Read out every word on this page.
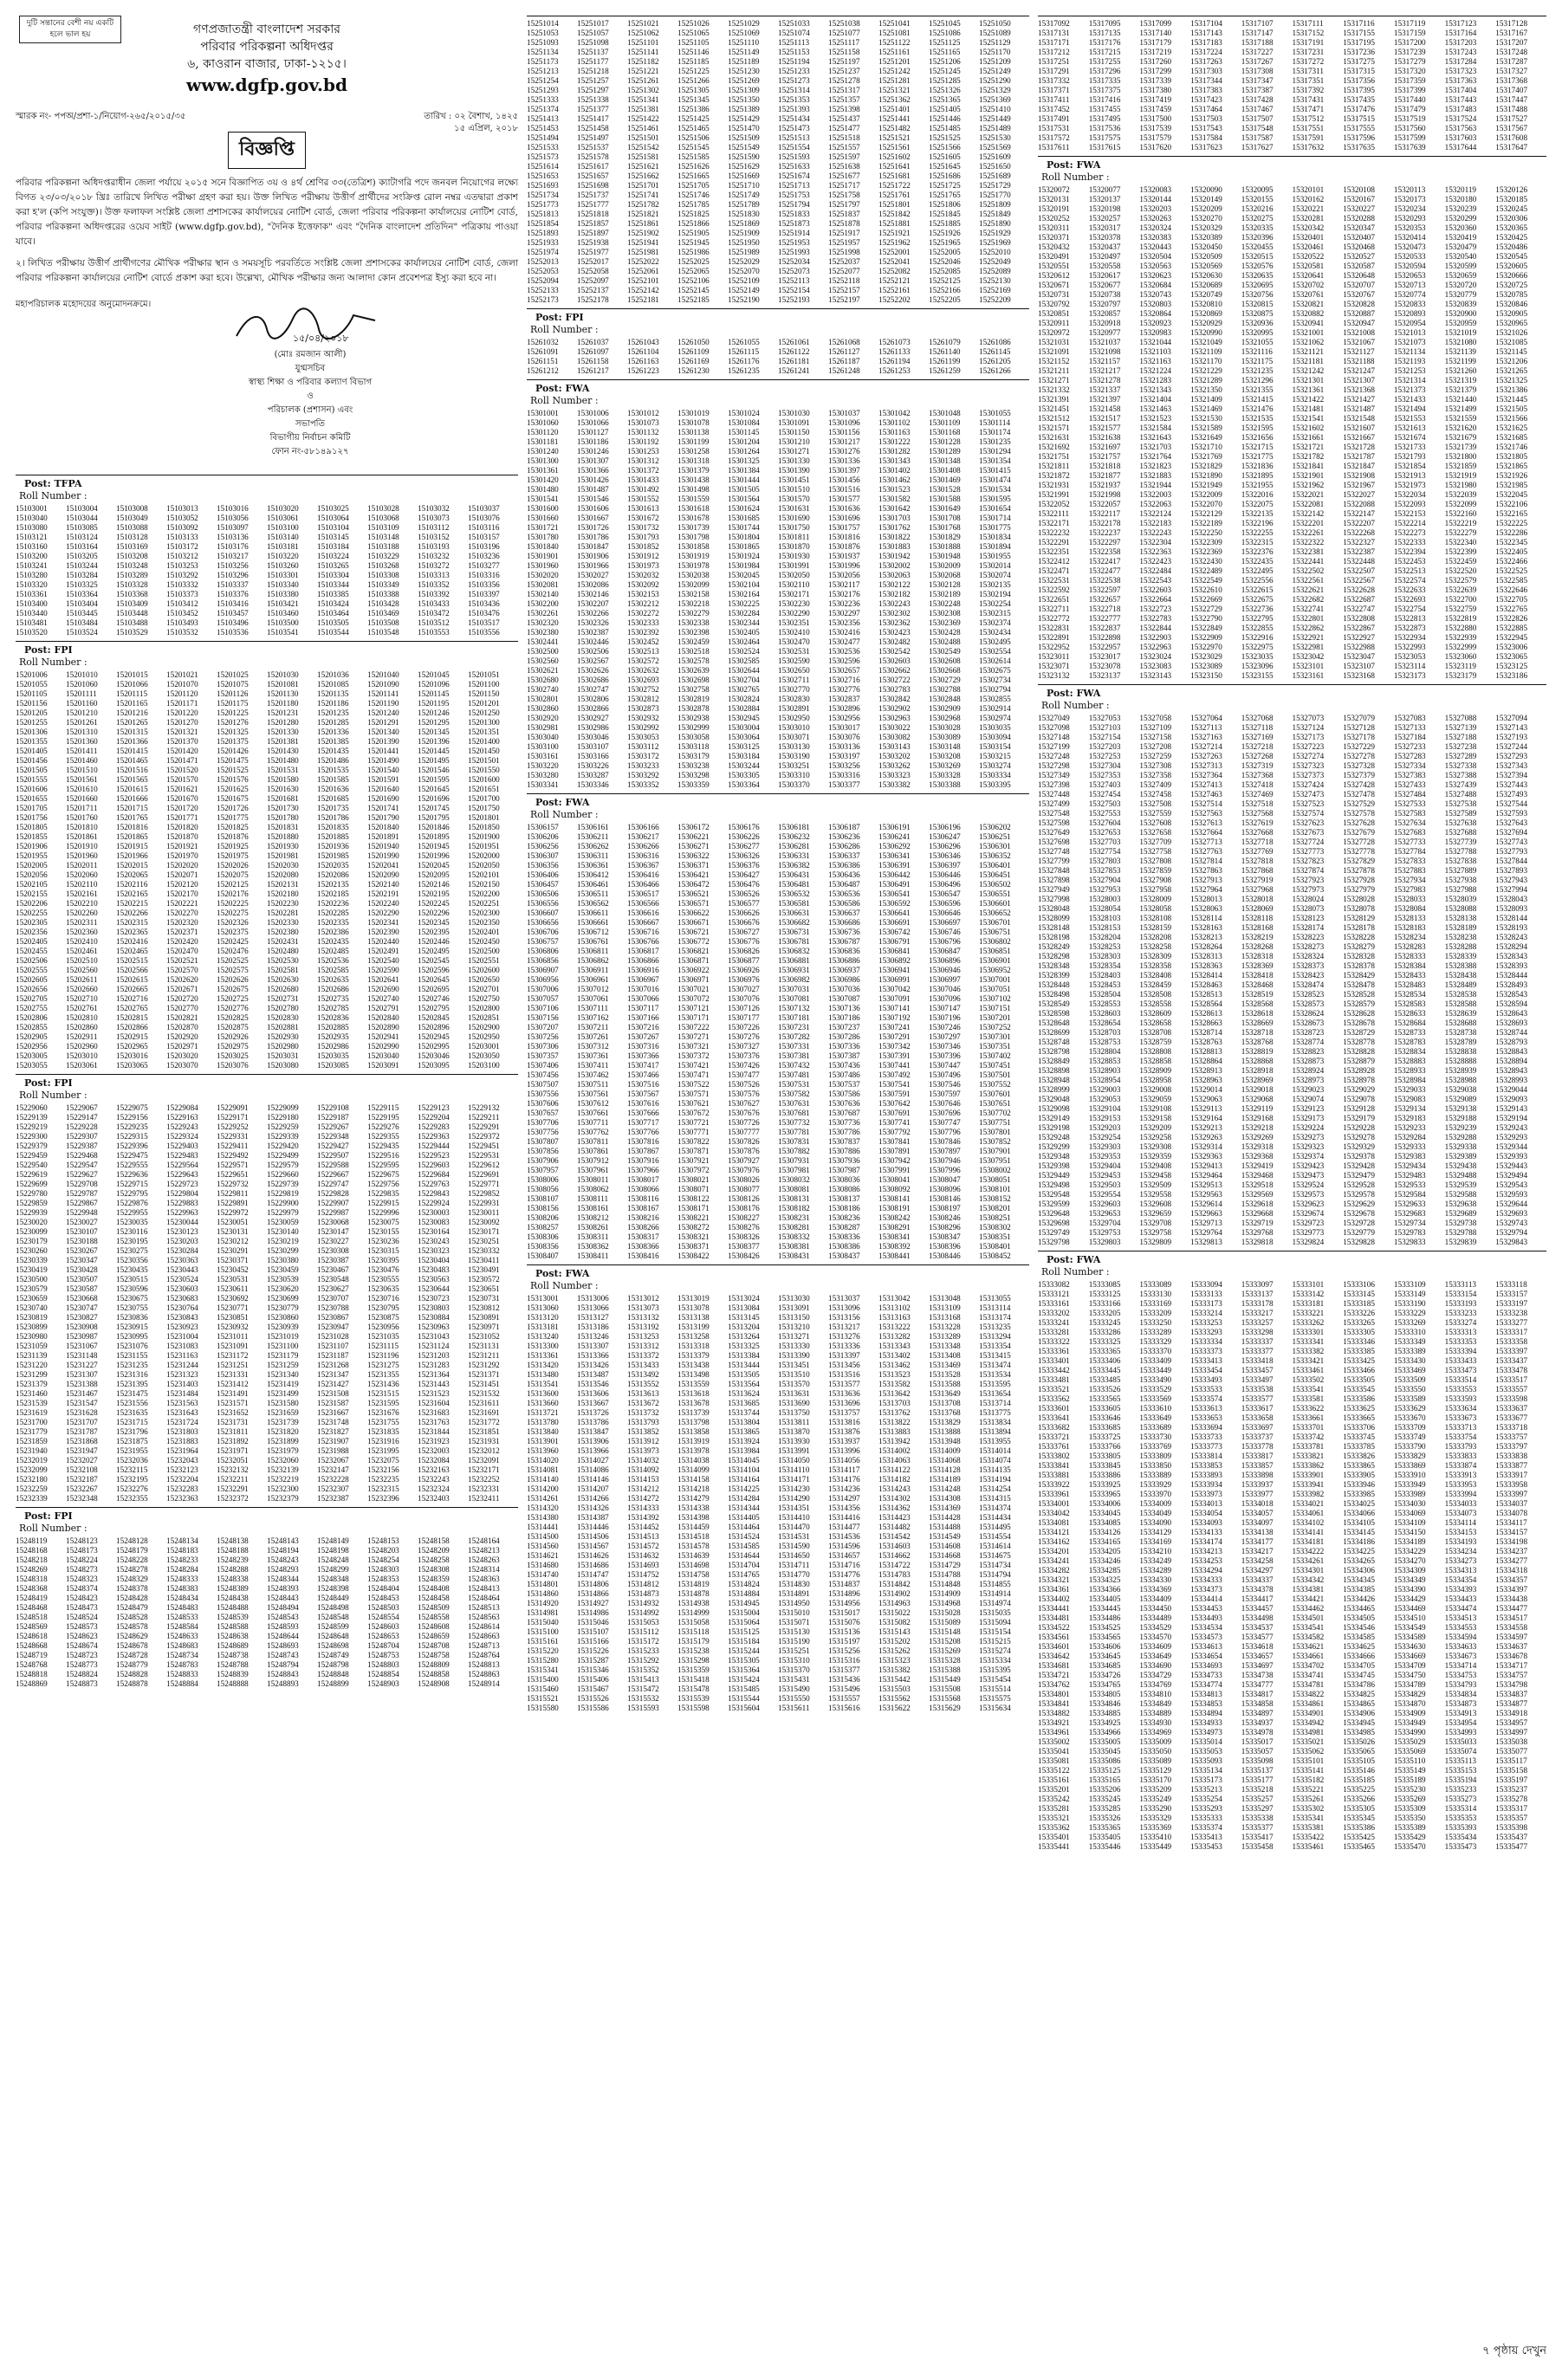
দুটি সন্তানের বেশী নয় একটি হলে ভাল হয়	গণপ্রজাতন্ত্রী বাংলাদেশ সরকার
পরিবার পরিকল্পনা অধিদপ্তর
৬, কাওরান বাজার, ঢাকা-১২১৫।
www.dgfp.gov.bd
স্মারক নং- পপঅ/প্রশা-১/নিয়োগ-২৬৫/২০১৫/৩৫	তারিখ : ০২ বৈশাখ, ১৪২৫
১৫ এপ্রিল, ২০১৮
বিজ্ঞপ্তি

পরিবার পরিকল্পনা অধিদপ্তরাধীন জেলা পর্যায়ে ২০১৫ সনে বিজ্ঞাপিত ৩য় ও ৪র্থ শ্রেণির ৩৩(তেত্রিশ) ক্যাটাগরি পদে জনবল নিয়োগের লক্ষ্যে বিগত ২৩/০৩/২০১৮ খ্রিঃ তারিখে লিখিত পরীক্ষা গ্রহণ করা হয়। উক্ত লিখিত পরীক্ষায় উত্তীর্ণ প্রার্থীদের সংক্রিপ্ত রোল নম্বর এতদ্বারা প্রকাশ করা হ'ল (কপি সংযুক্ত)। উক্ত ফলাফল সংশ্লিষ্ট জেলা প্রশাসকের কার্যালয়ের নোটিশ বোর্ড, জেলা পরিবার পরিকল্পনা কার্যালয়ের নোটিশ বোর্ড, পরিবার পরিকল্পনা অধিদপ্তরের ওয়েব সাইট (www.dgfp.gov.bd), "দৈনিক ইত্তেফাক" এবং "দৈনিক বাংলাদেশ প্রতিদিন" পত্রিকায় পাওয়া যাবে।

২। লিখিত পরীক্ষায় উত্তীর্ণ প্রার্থীগণের মৌখিক পরীক্ষার স্থান ও সময়সূচি পরবর্তিতে সংশ্লিষ্ট জেলা প্রশাসকের কার্যালয়ের নোটিশ বোর্ড, জেলা পরিবার পরিকল্পনা কার্যালয়ের নোটিশ বোর্ডে প্রকাশ করা হবে। উল্লেখ্য, মৌখিক পরীক্ষার জন্য আলাদা কোন প্রবেশপত্র ইস্যু করা হবে না।

মহাপরিচালক মহোদয়ের অনুমোদনক্রমে।
১৫/০৪/২০১৮
(মোঃ রমজান আলী)
যুগ্মসচিব
স্বাস্থ্য শিক্ষা ও পরিবার কল্যাণ বিভাগ
ও
পরিচালক (প্রশাসন) এবং
সভাপতি
বিভাগীয় নির্বাচন কমিটি
ফোন নং-৫৮১৪৯১২৭
Post: TFPA
Roll Number :
15103001	15103004	15103008	15103013	15103016	15103020	15103025	15103028	15103032	15103037
15103040	15103044	15103049	15103052	15103056	15103061	15103064	15103068	15103073	15103076
15103080	15103085	15103088	15103092	15103097	15103100	15103104	15103109	15103112	15103116
15103121	15103124	15103128	15103133	15103136	15103140	15103145	15103148	15103152	15103157
15103160	15103164	15103169	15103172	15103176	15103181	15103184	15103188	15103193	15103196
15103200	15103205	15103208	15103212	15103217	15103220	15103224	15103229	15103232	15103236
15103241	15103244	15103248	15103253	15103256	15103260	15103265	15103268	15103272	15103277
15103280	15103284	15103289	15103292	15103296	15103301	15103304	15103308	15103313	15103316
15103320	15103325	15103328	15103332	15103337	15103340	15103344	15103349	15103352	15103356
15103361	15103364	15103368	15103373	15103376	15103380	15103385	15103388	15103392	15103397
15103400	15103404	15103409	15103412	15103416	15103421	15103424	15103428	15103433	15103436
15103440	15103445	15103448	15103452	15103457	15103460	15103464	15103469	15103472	15103476
15103481	15103484	15103488	15103493	15103496	15103500	15103505	15103508	15103512	15103517
15103520	15103524	15103529	15103532	15103536	15103541	15103544	15103548	15103553	15103556
Post: FPI
Roll Number :
15201006	15201010	15201015	15201021	15201025	15201030	15201036	15201040	15201045	15201051
15201055	15201060	15201066	15201070	15201075	15201081	15201085	15201090	15201096	15201100
15201105	15201111	15201115	15201120	15201126	15201130	15201135	15201141	15201145	15201150
15201156	15201160	15201165	15201171	15201175	15201180	15201186	15201190	15201195	15201201
15201205	15201210	15201216	15201220	15201225	15201231	15201235	15201240	15201246	15201250
15201255	15201261	15201265	15201270	15201276	15201280	15201285	15201291	15201295	15201300
15201306	15201310	15201315	15201321	15201325	15201330	15201336	15201340	15201345	15201351
15201355	15201360	15201366	15201370	15201375	15201381	15201385	15201390	15201396	15201400
15201405	15201411	15201415	15201420	15201426	15201430	15201435	15201441	15201445	15201450
15201456	15201460	15201465	15201471	15201475	15201480	15201486	15201490	15201495	15201501
15201505	15201510	15201516	15201520	15201525	15201531	15201535	15201540	15201546	15201550
15201555	15201561	15201565	15201570	15201576	15201580	15201585	15201591	15201595	15201600
15201606	15201610	15201615	15201621	15201625	15201630	15201636	15201640	15201645	15201651
15201655	15201660	15201666	15201670	15201675	15201681	15201685	15201690	15201696	15201700
15201705	15201711	15201715	15201720	15201726	15201730	15201735	15201741	15201745	15201750
15201756	15201760	15201765	15201771	15201775	15201780	15201786	15201790	15201795	15201801
15201805	15201810	15201816	15201820	15201825	15201831	15201835	15201840	15201846	15201850
15201855	15201861	15201865	15201870	15201876	15201880	15201885	15201891	15201895	15201900
15201906	15201910	15201915	15201921	15201925	15201930	15201936	15201940	15201945	15201951
15201955	15201960	15201966	15201970	15201975	15201981	15201985	15201990	15201996	15202000
15202005	15202011	15202015	15202020	15202026	15202030	15202035	15202041	15202045	15202050
15202056	15202060	15202065	15202071	15202075	15202080	15202086	15202090	15202095	15202101
15202105	15202110	15202116	15202120	15202125	15202131	15202135	15202140	15202146	15202150
15202155	15202161	15202165	15202170	15202176	15202180	15202185	15202191	15202195	15202200
15202206	15202210	15202215	15202221	15202225	15202230	15202236	15202240	15202245	15202251
15202255	15202260	15202266	15202270	15202275	15202281	15202285	15202290	15202296	15202300
15202305	15202311	15202315	15202320	15202326	15202330	15202335	15202341	15202345	15202350
15202356	15202360	15202365	15202371	15202375	15202380	15202386	15202390	15202395	15202401
15202405	15202410	15202416	15202420	15202425	15202431	15202435	15202440	15202446	15202450
15202455	15202461	15202465	15202470	15202476	15202480	15202485	15202491	15202495	15202500
15202506	15202510	15202515	15202521	15202525	15202530	15202536	15202540	15202545	15202551
15202555	15202560	15202566	15202570	15202575	15202581	15202585	15202590	15202596	15202600
15202605	15202611	15202615	15202620	15202626	15202630	15202635	15202641	15202645	15202650
15202656	15202660	15202665	15202671	15202675	15202680	15202686	15202690	15202695	15202701
15202705	15202710	15202716	15202720	15202725	15202731	15202735	15202740	15202746	15202750
15202755	15202761	15202765	15202770	15202776	15202780	15202785	15202791	15202795	15202800
15202806	15202810	15202815	15202821	15202825	15202830	15202836	15202840	15202845	15202851
15202855	15202860	15202866	15202870	15202875	15202881	15202885	15202890	15202896	15202900
15202905	15202911	15202915	15202920	15202926	15202930	15202935	15202941	15202945	15202950
15202956	15202960	15202965	15202971	15202975	15202980	15202986	15202990	15202995	15203001
15203005	15203010	15203016	15203020	15203025	15203031	15203035	15203040	15203046	15203050
15203055	15203061	15203065	15203070	15203076	15203080	15203085	15203091	15203095	15203100
Post: FPI
Roll Number :
15229060	15229067	15229075	15229084	15229091	15229099	15229108	15229115	15229123	15229132
15229139	15229147	15229156	15229163	15229171	15229180	15229187	15229195	15229204	15229211
15229219	15229228	15229235	15229243	15229252	15229259	15229267	15229276	15229283	15229291
15229300	15229307	15229315	15229324	15229331	15229339	15229348	15229355	15229363	15229372
15229379	15229387	15229396	15229403	15229411	15229420	15229427	15229435	15229444	15229451
15229459	15229468	15229475	15229483	15229492	15229499	15229507	15229516	15229523	15229531
15229540	15229547	15229555	15229564	15229571	15229579	15229588	15229595	15229603	15229612
15229619	15229627	15229636	15229643	15229651	15229660	15229667	15229675	15229684	15229691
15229699	15229708	15229715	15229723	15229732	15229739	15229747	15229756	15229763	15229771
15229780	15229787	15229795	15229804	15229811	15229819	15229828	15229835	15229843	15229852
15229859	15229867	15229876	15229883	15229891	15229900	15229907	15229915	15229924	15229931
15229939	15229948	15229955	15229963	15229972	15229979	15229987	15229996	15230003	15230011
15230020	15230027	15230035	15230044	15230051	15230059	15230068	15230075	15230083	15230092
15230099	15230107	15230116	15230123	15230131	15230140	15230147	15230155	15230164	15230171
15230179	15230188	15230195	15230203	15230212	15230219	15230227	15230236	15230243	15230251
15230260	15230267	15230275	15230284	15230291	15230299	15230308	15230315	15230323	15230332
15230339	15230347	15230356	15230363	15230371	15230380	15230387	15230395	15230404	15230411
15230419	15230428	15230435	15230443	15230452	15230459	15230467	15230476	15230483	15230491
15230500	15230507	15230515	15230524	15230531	15230539	15230548	15230555	15230563	15230572
15230579	15230587	15230596	15230603	15230611	15230620	15230627	15230635	15230644	15230651
15230659	15230668	15230675	15230683	15230692	15230699	15230707	15230716	15230723	15230731
15230740	15230747	15230755	15230764	15230771	15230779	15230788	15230795	15230803	15230812
15230819	15230827	15230836	15230843	15230851	15230860	15230867	15230875	15230884	15230891
15230899	15230908	15230915	15230923	15230932	15230939	15230947	15230956	15230963	15230971
15230980	15230987	15230995	15231004	15231011	15231019	15231028	15231035	15231043	15231052
15231059	15231067	15231076	15231083	15231091	15231100	15231107	15231115	15231124	15231131
15231139	15231148	15231155	15231163	15231172	15231179	15231187	15231196	15231203	15231211
15231220	15231227	15231235	15231244	15231251	15231259	15231268	15231275	15231283	15231292
15231299	15231307	15231316	15231323	15231331	15231340	15231347	15231355	15231364	15231371
15231379	15231388	15231395	15231403	15231412	15231419	15231427	15231436	15231443	15231451
15231460	15231467	15231475	15231484	15231491	15231499	15231508	15231515	15231523	15231532
15231539	15231547	15231556	15231563	15231571	15231580	15231587	15231595	15231604	15231611
15231619	15231628	15231635	15231643	15231652	15231659	15231667	15231676	15231683	15231691
15231700	15231707	15231715	15231724	15231731	15231739	15231748	15231755	15231763	15231772
15231779	15231787	15231796	15231803	15231811	15231820	15231827	15231835	15231844	15231851
15231859	15231868	15231875	15231883	15231892	15231899	15231907	15231916	15231923	15231931
15231940	15231947	15231955	15231964	15231971	15231979	15231988	15231995	15232003	15232012
15232019	15232027	15232036	15232043	15232051	15232060	15232067	15232075	15232084	15232091
15232099	15232108	15232115	15232123	15232132	15232139	15232147	15232156	15232163	15232171
15232180	15232187	15232195	15232204	15232211	15232219	15232228	15232235	15232243	15232252
15232259	15232267	15232276	15232283	15232291	15232300	15232307	15232315	15232324	15232331
15232339	15232348	15232355	15232363	15232372	15232379	15232387	15232396	15232403	15232411
Post: FPI
Roll Number :
15248119	15248123	15248128	15248134	15248138	15248143	15248149	15248153	15248158	15248164
15248168	15248173	15248179	15248183	15248188	15248194	15248198	15248203	15248209	15248213
15248218	15248224	15248228	15248233	15248239	15248243	15248248	15248254	15248258	15248263
15248269	15248273	15248278	15248284	15248288	15248293	15248299	15248303	15248308	15248314
15248318	15248323	15248329	15248333	15248338	15248344	15248348	15248353	15248359	15248363
15248368	15248374	15248378	15248383	15248389	15248393	15248398	15248404	15248408	15248413
15248419	15248423	15248428	15248434	15248438	15248443	15248449	15248453	15248458	15248464
15248468	15248473	15248479	15248483	15248488	15248494	15248498	15248503	15248509	15248513
15248518	15248524	15248528	15248533	15248539	15248543	15248548	15248554	15248558	15248563
15248569	15248573	15248578	15248584	15248588	15248593	15248599	15248603	15248608	15248614
15248618	15248623	15248629	15248633	15248638	15248644	15248648	15248653	15248659	15248663
15248668	15248674	15248678	15248683	15248689	15248693	15248698	15248704	15248708	15248713
15248719	15248723	15248728	15248734	15248738	15248743	15248749	15248753	15248758	15248764
15248768	15248773	15248779	15248783	15248788	15248794	15248798	15248803	15248809	15248813
15248818	15248824	15248828	15248833	15248839	15248843	15248848	15248854	15248858	15248863
15248869	15248873	15248878	15248884	15248888	15248893	15248899	15248903	15248908	15248914
15251014	15251017	15251021	15251026	15251029	15251033	15251038	15251041	15251045	15251050
15251053	15251057	15251062	15251065	15251069	15251074	15251077	15251081	15251086	15251089
15251093	15251098	15251101	15251105	15251110	15251113	15251117	15251122	15251125	15251129
15251134	15251137	15251141	15251146	15251149	15251153	15251158	15251161	15251165	15251170
15251173	15251177	15251182	15251185	15251189	15251194	15251197	15251201	15251206	15251209
15251213	15251218	15251221	15251225	15251230	15251233	15251237	15251242	15251245	15251249
15251254	15251257	15251261	15251266	15251269	15251273	15251278	15251281	15251285	15251290
15251293	15251297	15251302	15251305	15251309	15251314	15251317	15251321	15251326	15251329
15251333	15251338	15251341	15251345	15251350	15251353	15251357	15251362	15251365	15251369
15251374	15251377	15251381	15251386	15251389	15251393	15251398	15251401	15251405	15251410
15251413	15251417	15251422	15251425	15251429	15251434	15251437	15251441	15251446	15251449
15251453	15251458	15251461	15251465	15251470	15251473	15251477	15251482	15251485	15251489
15251494	15251497	15251501	15251506	15251509	15251513	15251518	15251521	15251525	15251530
15251533	15251537	15251542	15251545	15251549	15251554	15251557	15251561	15251566	15251569
15251573	15251578	15251581	15251585	15251590	15251593	15251597	15251602	15251605	15251609
15251614	15251617	15251621	15251626	15251629	15251633	15251638	15251641	15251645	15251650
15251653	15251657	15251662	15251665	15251669	15251674	15251677	15251681	15251686	15251689
15251693	15251698	15251701	15251705	15251710	15251713	15251717	15251722	15251725	15251729
15251734	15251737	15251741	15251746	15251749	15251753	15251758	15251761	15251765	15251770
15251773	15251777	15251782	15251785	15251789	15251794	15251797	15251801	15251806	15251809
15251813	15251818	15251821	15251825	15251830	15251833	15251837	15251842	15251845	15251849
15251854	15251857	15251861	15251866	15251869	15251873	15251878	15251881	15251885	15251890
15251893	15251897	15251902	15251905	15251909	15251914	15251917	15251921	15251926	15251929
15251933	15251938	15251941	15251945	15251950	15251953	15251957	15251962	15251965	15251969
15251974	15251977	15251981	15251986	15251989	15251993	15251998	15252001	15252005	15252010
15252013	15252017	15252022	15252025	15252029	15252034	15252037	15252041	15252046	15252049
15252053	15252058	15252061	15252065	15252070	15252073	15252077	15252082	15252085	15252089
15252094	15252097	15252101	15252106	15252109	15252113	15252118	15252121	15252125	15252130
15252133	15252137	15252142	15252145	15252149	15252154	15252157	15252161	15252166	15252169
15252173	15252178	15252181	15252185	15252190	15252193	15252197	15252202	15252205	15252209
Post: FPI
Roll Number :
15261032	15261037	15261043	15261050	15261055	15261061	15261068	15261073	15261079	15261086
15261091	15261097	15261104	15261109	15261115	15261122	15261127	15261133	15261140	15261145
15261151	15261158	15261163	15261169	15261176	15261181	15261187	15261194	15261199	15261205
15261212	15261217	15261223	15261230	15261235	15261241	15261248	15261253	15261259	15261266
Post: FWA
Roll Number :
15301001	15301006	15301012	15301019	15301024	15301030	15301037	15301042	15301048	15301055
15301060	15301066	15301073	15301078	15301084	15301091	15301096	15301102	15301109	15301114
15301120	15301127	15301132	15301138	15301145	15301150	15301156	15301163	15301168	15301174
15301181	15301186	15301192	15301199	15301204	15301210	15301217	15301222	15301228	15301235
15301240	15301246	15301253	15301258	15301264	15301271	15301276	15301282	15301289	15301294
15301300	15301307	15301312	15301318	15301325	15301330	15301336	15301343	15301348	15301354
15301361	15301366	15301372	15301379	15301384	15301390	15301397	15301402	15301408	15301415
15301420	15301426	15301433	15301438	15301444	15301451	15301456	15301462	15301469	15301474
15301480	15301487	15301492	15301498	15301505	15301510	15301516	15301523	15301528	15301534
15301541	15301546	15301552	15301559	15301564	15301570	15301577	15301582	15301588	15301595
15301600	15301606	15301613	15301618	15301624	15301631	15301636	15301642	15301649	15301654
15301660	15301667	15301672	15301678	15301685	15301690	15301696	15301703	15301708	15301714
15301721	15301726	15301732	15301739	15301744	15301750	15301757	15301762	15301768	15301775
15301780	15301786	15301793	15301798	15301804	15301811	15301816	15301822	15301829	15301834
15301840	15301847	15301852	15301858	15301865	15301870	15301876	15301883	15301888	15301894
15301901	15301906	15301912	15301919	15301924	15301930	15301937	15301942	15301948	15301955
15301960	15301966	15301973	15301978	15301984	15301991	15301996	15302002	15302009	15302014
15302020	15302027	15302032	15302038	15302045	15302050	15302056	15302063	15302068	15302074
15302081	15302086	15302092	15302099	15302104	15302110	15302117	15302122	15302128	15302135
15302140	15302146	15302153	15302158	15302164	15302171	15302176	15302182	15302189	15302194
15302200	15302207	15302212	15302218	15302225	15302230	15302236	15302243	15302248	15302254
15302261	15302266	15302272	15302279	15302284	15302290	15302297	15302302	15302308	15302315
15302320	15302326	15302333	15302338	15302344	15302351	15302356	15302362	15302369	15302374
15302380	15302387	15302392	15302398	15302405	15302410	15302416	15302423	15302428	15302434
15302441	15302446	15302452	15302459	15302464	15302470	15302477	15302482	15302488	15302495
15302500	15302506	15302513	15302518	15302524	15302531	15302536	15302542	15302549	15302554
15302560	15302567	15302572	15302578	15302585	15302590	15302596	15302603	15302608	15302614
15302621	15302626	15302632	15302639	15302644	15302650	15302657	15302662	15302668	15302675
15302680	15302686	15302693	15302698	15302704	15302711	15302716	15302722	15302729	15302734
15302740	15302747	15302752	15302758	15302765	15302770	15302776	15302783	15302788	15302794
15302801	15302806	15302812	15302819	15302824	15302830	15302837	15302842	15302848	15302855
15302860	15302866	15302873	15302878	15302884	15302891	15302896	15302902	15302909	15302914
15302920	15302927	15302932	15302938	15302945	15302950	15302956	15302963	15302968	15302974
15302981	15302986	15302992	15302999	15303004	15303010	15303017	15303022	15303028	15303035
15303040	15303046	15303053	15303058	15303064	15303071	15303076	15303082	15303089	15303094
15303100	15303107	15303112	15303118	15303125	15303130	15303136	15303143	15303148	15303154
15303161	15303166	15303172	15303179	15303184	15303190	15303197	15303202	15303208	15303215
15303220	15303226	15303233	15303238	15303244	15303251	15303256	15303262	15303269	15303274
15303280	15303287	15303292	15303298	15303305	15303310	15303316	15303323	15303328	15303334
15303341	15303346	15303352	15303359	15303364	15303370	15303377	15303382	15303388	15303395
Post: FWA
Roll Number :
15306157	15306161	15306166	15306172	15306176	15306181	15306187	15306191	15306196	15306202
15306206	15306211	15306217	15306221	15306226	15306232	15306236	15306241	15306247	15306251
15306256	15306262	15306266	15306271	15306277	15306281	15306286	15306292	15306296	15306301
15306307	15306311	15306316	15306322	15306326	15306331	15306337	15306341	15306346	15306352
15306356	15306361	15306367	15306371	15306376	15306382	15306386	15306391	15306397	15306401
15306406	15306412	15306416	15306421	15306427	15306431	15306436	15306442	15306446	15306451
15306457	15306461	15306466	15306472	15306476	15306481	15306487	15306491	15306496	15306502
15306506	15306511	15306517	15306521	15306526	15306532	15306536	15306541	15306547	15306551
15306556	15306562	15306566	15306571	15306577	15306581	15306586	15306592	15306596	15306601
15306607	15306611	15306616	15306622	15306626	15306631	15306637	15306641	15306646	15306652
15306656	15306661	15306667	15306671	15306676	15306682	15306686	15306691	15306697	15306701
15306706	15306712	15306716	15306721	15306727	15306731	15306736	15306742	15306746	15306751
15306757	15306761	15306766	15306772	15306776	15306781	15306787	15306791	15306796	15306802
15306806	15306811	15306817	15306821	15306826	15306832	15306836	15306841	15306847	15306851
15306856	15306862	15306866	15306871	15306877	15306881	15306886	15306892	15306896	15306901
15306907	15306911	15306916	15306922	15306926	15306931	15306937	15306941	15306946	15306952
15306956	15306961	15306967	15306971	15306976	15306982	15306986	15306991	15306997	15307001
15307006	15307012	15307016	15307021	15307027	15307031	15307036	15307042	15307046	15307051
15307057	15307061	15307066	15307072	15307076	15307081	15307087	15307091	15307096	15307102
15307106	15307111	15307117	15307121	15307126	15307132	15307136	15307141	15307147	15307151
15307156	15307162	15307166	15307171	15307177	15307181	15307186	15307192	15307196	15307201
15307207	15307211	15307216	15307222	15307226	15307231	15307237	15307241	15307246	15307252
15307256	15307261	15307267	15307271	15307276	15307282	15307286	15307291	15307297	15307301
15307306	15307312	15307316	15307321	15307327	15307331	15307336	15307342	15307346	15307351
15307357	15307361	15307366	15307372	15307376	15307381	15307387	15307391	15307396	15307402
15307406	15307411	15307417	15307421	15307426	15307432	15307436	15307441	15307447	15307451
15307456	15307462	15307466	15307471	15307477	15307481	15307486	15307492	15307496	15307501
15307507	15307511	15307516	15307522	15307526	15307531	15307537	15307541	15307546	15307552
15307556	15307561	15307567	15307571	15307576	15307582	15307586	15307591	15307597	15307601
15307606	15307612	15307616	15307621	15307627	15307631	15307636	15307642	15307646	15307651
15307657	15307661	15307666	15307672	15307676	15307681	15307687	15307691	15307696	15307702
15307706	15307711	15307717	15307721	15307726	15307732	15307736	15307741	15307747	15307751
15307756	15307762	15307766	15307771	15307777	15307781	15307786	15307792	15307796	15307801
15307807	15307811	15307816	15307822	15307826	15307831	15307837	15307841	15307846	15307852
15307856	15307861	15307867	15307871	15307876	15307882	15307886	15307891	15307897	15307901
15307906	15307912	15307916	15307921	15307927	15307931	15307936	15307942	15307946	15307951
15307957	15307961	15307966	15307972	15307976	15307981	15307987	15307991	15307996	15308002
15308006	15308011	15308017	15308021	15308026	15308032	15308036	15308041	15308047	15308051
15308056	15308062	15308066	15308071	15308077	15308081	15308086	15308092	15308096	15308101
15308107	15308111	15308116	15308122	15308126	15308131	15308137	15308141	15308146	15308152
15308156	15308161	15308167	15308171	15308176	15308182	15308186	15308191	15308197	15308201
15308206	15308212	15308216	15308221	15308227	15308231	15308236	15308242	15308246	15308251
15308257	15308261	15308266	15308272	15308276	15308281	15308287	15308291	15308296	15308302
15308306	15308311	15308317	15308321	15308326	15308332	15308336	15308341	15308347	15308351
15308356	15308362	15308366	15308371	15308377	15308381	15308386	15308392	15308396	15308401
15308407	15308411	15308416	15308422	15308426	15308431	15308437	15308441	15308446	15308452
Post: FWA
Roll Number :
15313001	15313006	15313012	15313019	15313024	15313030	15313037	15313042	15313048	15313055
15313060	15313066	15313073	15313078	15313084	15313091	15313096	15313102	15313109	15313114
15313120	15313127	15313132	15313138	15313145	15313150	15313156	15313163	15313168	15313174
15313181	15313186	15313192	15313199	15313204	15313210	15313217	15313222	15313228	15313235
15313240	15313246	15313253	15313258	15313264	15313271	15313276	15313282	15313289	15313294
15313300	15313307	15313312	15313318	15313325	15313330	15313336	15313343	15313348	15313354
15313361	15313366	15313372	15313379	15313384	15313390	15313397	15313402	15313408	15313415
15313420	15313426	15313433	15313438	15313444	15313451	15313456	15313462	15313469	15313474
15313480	15313487	15313492	15313498	15313505	15313510	15313516	15313523	15313528	15313534
15313541	15313546	15313552	15313559	15313564	15313570	15313577	15313582	15313588	15313595
15313600	15313606	15313613	15313618	15313624	15313631	15313636	15313642	15313649	15313654
15313660	15313667	15313672	15313678	15313685	15313690	15313696	15313703	15313708	15313714
15313721	15313726	15313732	15313739	15313744	15313750	15313757	15313762	15313768	15313775
15313780	15313786	15313793	15313798	15313804	15313811	15313816	15313822	15313829	15313834
15313840	15313847	15313852	15313858	15313865	15313870	15313876	15313883	15313888	15313894
15313901	15313906	15313912	15313919	15313924	15313930	15313937	15313942	15313948	15313955
15313960	15313966	15313973	15313978	15313984	15313991	15313996	15314002	15314009	15314014
15314020	15314027	15314032	15314038	15314045	15314050	15314056	15314063	15314068	15314074
15314081	15314086	15314092	15314099	15314104	15314110	15314117	15314122	15314128	15314135
15314140	15314146	15314153	15314158	15314164	15314171	15314176	15314182	15314189	15314194
15314200	15314207	15314212	15314218	15314225	15314230	15314236	15314243	15314248	15314254
15314261	15314266	15314272	15314279	15314284	15314290	15314297	15314302	15314308	15314315
15314320	15314326	15314333	15314338	15314344	15314351	15314356	15314362	15314369	15314374
15314380	15314387	15314392	15314398	15314405	15314410	15314416	15314423	15314428	15314434
15314441	15314446	15314452	15314459	15314464	15314470	15314477	15314482	15314488	15314495
15314500	15314506	15314513	15314518	15314524	15314531	15314536	15314542	15314549	15314554
15314560	15314567	15314572	15314578	15314585	15314590	15314596	15314603	15314608	15314614
15314621	15314626	15314632	15314639	15314644	15314650	15314657	15314662	15314668	15314675
15314680	15314686	15314693	15314698	15314704	15314711	15314716	15314722	15314729	15314734
15314740	15314747	15314752	15314758	15314765	15314770	15314776	15314783	15314788	15314794
15314801	15314806	15314812	15314819	15314824	15314830	15314837	15314842	15314848	15314855
15314860	15314866	15314873	15314878	15314884	15314891	15314896	15314902	15314909	15314914
15314920	15314927	15314932	15314938	15314945	15314950	15314956	15314963	15314968	15314974
15314981	15314986	15314992	15314999	15315004	15315010	15315017	15315022	15315028	15315035
15315040	15315046	15315053	15315058	15315064	15315071	15315076	15315082	15315089	15315094
15315100	15315107	15315112	15315118	15315125	15315130	15315136	15315143	15315148	15315154
15315161	15315166	15315172	15315179	15315184	15315190	15315197	15315202	15315208	15315215
15315220	15315226	15315233	15315238	15315244	15315251	15315256	15315262	15315269	15315274
15315280	15315287	15315292	15315298	15315305	15315310	15315316	15315323	15315328	15315334
15315341	15315346	15315352	15315359	15315364	15315370	15315377	15315382	15315388	15315395
15315400	15315406	15315413	15315418	15315424	15315431	15315436	15315442	15315449	15315454
15315460	15315467	15315472	15315478	15315485	15315490	15315496	15315503	15315508	15315514
15315521	15315526	15315532	15315539	15315544	15315550	15315557	15315562	15315568	15315575
15315580	15315586	15315593	15315598	15315604	15315611	15315616	15315622	15315629	15315634
15317092	15317095	15317099	15317104	15317107	15317111	15317116	15317119	15317123	15317128
15317131	15317135	15317140	15317143	15317147	15317152	15317155	15317159	15317164	15317167
15317171	15317176	15317179	15317183	15317188	15317191	15317195	15317200	15317203	15317207
15317212	15317215	15317219	15317224	15317227	15317231	15317236	15317239	15317243	15317248
15317251	15317255	15317260	15317263	15317267	15317272	15317275	15317279	15317284	15317287
15317291	15317296	15317299	15317303	15317308	15317311	15317315	15317320	15317323	15317327
15317332	15317335	15317339	15317344	15317347	15317351	15317356	15317359	15317363	15317368
15317371	15317375	15317380	15317383	15317387	15317392	15317395	15317399	15317404	15317407
15317411	15317416	15317419	15317423	15317428	15317431	15317435	15317440	15317443	15317447
15317452	15317455	15317459	15317464	15317467	15317471	15317476	15317479	15317483	15317488
15317491	15317495	15317500	15317503	15317507	15317512	15317515	15317519	15317524	15317527
15317531	15317536	15317539	15317543	15317548	15317551	15317555	15317560	15317563	15317567
15317572	15317575	15317579	15317584	15317587	15317591	15317596	15317599	15317603	15317608
15317611	15317615	15317620	15317623	15317627	15317632	15317635	15317639	15317644	15317647
Post: FWA
Roll Number :
15320072	15320077	15320083	15320090	15320095	15320101	15320108	15320113	15320119	15320126
15320131	15320137	15320144	15320149	15320155	15320162	15320167	15320173	15320180	15320185
15320191	15320198	15320203	15320209	15320216	15320221	15320227	15320234	15320239	15320245
15320252	15320257	15320263	15320270	15320275	15320281	15320288	15320293	15320299	15320306
15320311	15320317	15320324	15320329	15320335	15320342	15320347	15320353	15320360	15320365
15320371	15320378	15320383	15320389	15320396	15320401	15320407	15320414	15320419	15320425
15320432	15320437	15320443	15320450	15320455	15320461	15320468	15320473	15320479	15320486
15320491	15320497	15320504	15320509	15320515	15320522	15320527	15320533	15320540	15320545
15320551	15320558	15320563	15320569	15320576	15320581	15320587	15320594	15320599	15320605
15320612	15320617	15320623	15320630	15320635	15320641	15320648	15320653	15320659	15320666
15320671	15320677	15320684	15320689	15320695	15320702	15320707	15320713	15320720	15320725
15320731	15320738	15320743	15320749	15320756	15320761	15320767	15320774	15320779	15320785
15320792	15320797	15320803	15320810	15320815	15320821	15320828	15320833	15320839	15320846
15320851	15320857	15320864	15320869	15320875	15320882	15320887	15320893	15320900	15320905
15320911	15320918	15320923	15320929	15320936	15320941	15320947	15320954	15320959	15320965
15320972	15320977	15320983	15320990	15320995	15321001	15321008	15321013	15321019	15321026
15321031	15321037	15321044	15321049	15321055	15321062	15321067	15321073	15321080	15321085
15321091	15321098	15321103	15321109	15321116	15321121	15321127	15321134	15321139	15321145
15321152	15321157	15321163	15321170	15321175	15321181	15321188	15321193	15321199	15321206
15321211	15321217	15321224	15321229	15321235	15321242	15321247	15321253	15321260	15321265
15321271	15321278	15321283	15321289	15321296	15321301	15321307	15321314	15321319	15321325
15321332	15321337	15321343	15321350	15321355	15321361	15321368	15321373	15321379	15321386
15321391	15321397	15321404	15321409	15321415	15321422	15321427	15321433	15321440	15321445
15321451	15321458	15321463	15321469	15321476	15321481	15321487	15321494	15321499	15321505
15321512	15321517	15321523	15321530	15321535	15321541	15321548	15321553	15321559	15321566
15321571	15321577	15321584	15321589	15321595	15321602	15321607	15321613	15321620	15321625
15321631	15321638	15321643	15321649	15321656	15321661	15321667	15321674	15321679	15321685
15321692	15321697	15321703	15321710	15321715	15321721	15321728	15321733	15321739	15321746
15321751	15321757	15321764	15321769	15321775	15321782	15321787	15321793	15321800	15321805
15321811	15321818	15321823	15321829	15321836	15321841	15321847	15321854	15321859	15321865
15321872	15321877	15321883	15321890	15321895	15321901	15321908	15321913	15321919	15321926
15321931	15321937	15321944	15321949	15321955	15321962	15321967	15321973	15321980	15321985
15321991	15321998	15322003	15322009	15322016	15322021	15322027	15322034	15322039	15322045
15322052	15322057	15322063	15322070	15322075	15322081	15322088	15322093	15322099	15322106
15322111	15322117	15322124	15322129	15322135	15322142	15322147	15322153	15322160	15322165
15322171	15322178	15322183	15322189	15322196	15322201	15322207	15322214	15322219	15322225
15322232	15322237	15322243	15322250	15322255	15322261	15322268	15322273	15322279	15322286
15322291	15322297	15322304	15322309	15322315	15322322	15322327	15322333	15322340	15322345
15322351	15322358	15322363	15322369	15322376	15322381	15322387	15322394	15322399	15322405
15322412	15322417	15322423	15322430	15322435	15322441	15322448	15322453	15322459	15322466
15322471	15322477	15322484	15322489	15322495	15322502	15322507	15322513	15322520	15322525
15322531	15322538	15322543	15322549	15322556	15322561	15322567	15322574	15322579	15322585
15322592	15322597	15322603	15322610	15322615	15322621	15322628	15322633	15322639	15322646
15322651	15322657	15322664	15322669	15322675	15322682	15322687	15322693	15322700	15322705
15322711	15322718	15322723	15322729	15322736	15322741	15322747	15322754	15322759	15322765
15322772	15322777	15322783	15322790	15322795	15322801	15322808	15322813	15322819	15322826
15322831	15322837	15322844	15322849	15322855	15322862	15322867	15322873	15322880	15322885
15322891	15322898	15322903	15322909	15322916	15322921	15322927	15322934	15322939	15322945
15322952	15322957	15322963	15322970	15322975	15322981	15322988	15322993	15322999	15323006
15323011	15323017	15323024	15323029	15323035	15323042	15323047	15323053	15323060	15323065
15323071	15323078	15323083	15323089	15323096	15323101	15323107	15323114	15323119	15323125
15323132	15323137	15323143	15323150	15323155	15323161	15323168	15323173	15323179	15323186
Post: FWA
Roll Number :
15327049	15327053	15327058	15327064	15327068	15327073	15327079	15327083	15327088	15327094
15327098	15327103	15327109	15327113	15327118	15327124	15327128	15327133	15327139	15327143
15327148	15327154	15327158	15327163	15327169	15327173	15327178	15327184	15327188	15327193
15327199	15327203	15327208	15327214	15327218	15327223	15327229	15327233	15327238	15327244
15327248	15327253	15327259	15327263	15327268	15327274	15327278	15327283	15327289	15327293
15327298	15327304	15327308	15327313	15327319	15327323	15327328	15327334	15327338	15327343
15327349	15327353	15327358	15327364	15327368	15327373	15327379	15327383	15327388	15327394
15327398	15327403	15327409	15327413	15327418	15327424	15327428	15327433	15327439	15327443
15327448	15327454	15327458	15327463	15327469	15327473	15327478	15327484	15327488	15327493
15327499	15327503	15327508	15327514	15327518	15327523	15327529	15327533	15327538	15327544
15327548	15327553	15327559	15327563	15327568	15327574	15327578	15327583	15327589	15327593
15327598	15327604	15327608	15327613	15327619	15327623	15327628	15327634	15327638	15327643
15327649	15327653	15327658	15327664	15327668	15327673	15327679	15327683	15327688	15327694
15327698	15327703	15327709	15327713	15327718	15327724	15327728	15327733	15327739	15327743
15327748	15327754	15327758	15327763	15327769	15327773	15327778	15327784	15327788	15327793
15327799	15327803	15327808	15327814	15327818	15327823	15327829	15327833	15327838	15327844
15327848	15327853	15327859	15327863	15327868	15327874	15327878	15327883	15327889	15327893
15327898	15327904	15327908	15327913	15327919	15327923	15327928	15327934	15327938	15327943
15327949	15327953	15327958	15327964	15327968	15327973	15327979	15327983	15327988	15327994
15327998	15328003	15328009	15328013	15328018	15328024	15328028	15328033	15328039	15328043
15328048	15328054	15328058	15328063	15328069	15328073	15328078	15328084	15328088	15328093
15328099	15328103	15328108	15328114	15328118	15328123	15328129	15328133	15328138	15328144
15328148	15328153	15328159	15328163	15328168	15328174	15328178	15328183	15328189	15328193
15328198	15328204	15328208	15328213	15328219	15328223	15328228	15328234	15328238	15328243
15328249	15328253	15328258	15328264	15328268	15328273	15328279	15328283	15328288	15328294
15328298	15328303	15328309	15328313	15328318	15328324	15328328	15328333	15328339	15328343
15328348	15328354	15328358	15328363	15328369	15328373	15328378	15328384	15328388	15328393
15328399	15328403	15328408	15328414	15328418	15328423	15328429	15328433	15328438	15328444
15328448	15328453	15328459	15328463	15328468	15328474	15328478	15328483	15328489	15328493
15328498	15328504	15328508	15328513	15328519	15328523	15328528	15328534	15328538	15328543
15328549	15328553	15328558	15328564	15328568	15328573	15328579	15328583	15328588	15328594
15328598	15328603	15328609	15328613	15328618	15328624	15328628	15328633	15328639	15328643
15328648	15328654	15328658	15328663	15328669	15328673	15328678	15328684	15328688	15328693
15328699	15328703	15328708	15328714	15328718	15328723	15328729	15328733	15328738	15328744
15328748	15328753	15328759	15328763	15328768	15328774	15328778	15328783	15328789	15328793
15328798	15328804	15328808	15328813	15328819	15328823	15328828	15328834	15328838	15328843
15328849	15328853	15328858	15328864	15328868	15328873	15328879	15328883	15328888	15328894
15328898	15328903	15328909	15328913	15328918	15328924	15328928	15328933	15328939	15328943
15328948	15328954	15328958	15328963	15328969	15328973	15328978	15328984	15328988	15328993
15328999	15329003	15329008	15329014	15329018	15329023	15329029	15329033	15329038	15329044
15329048	15329053	15329059	15329063	15329068	15329074	15329078	15329083	15329089	15329093
15329098	15329104	15329108	15329113	15329119	15329123	15329128	15329134	15329138	15329143
15329149	15329153	15329158	15329164	15329168	15329173	15329179	15329183	15329188	15329194
15329198	15329203	15329209	15329213	15329218	15329224	15329228	15329233	15329239	15329243
15329248	15329254	15329258	15329263	15329269	15329273	15329278	15329284	15329288	15329293
15329299	15329303	15329308	15329314	15329318	15329323	15329329	15329333	15329338	15329344
15329348	15329353	15329359	15329363	15329368	15329374	15329378	15329383	15329389	15329393
15329398	15329404	15329408	15329413	15329419	15329423	15329428	15329434	15329438	15329443
15329449	15329453	15329458	15329464	15329468	15329473	15329479	15329483	15329488	15329494
15329498	15329503	15329509	15329513	15329518	15329524	15329528	15329533	15329539	15329543
15329548	15329554	15329558	15329563	15329569	15329573	15329578	15329584	15329588	15329593
15329599	15329603	15329608	15329614	15329618	15329623	15329629	15329633	15329638	15329644
15329648	15329653	15329659	15329663	15329668	15329674	15329678	15329683	15329689	15329693
15329698	15329704	15329708	15329713	15329719	15329723	15329728	15329734	15329738	15329743
15329749	15329753	15329758	15329764	15329768	15329773	15329779	15329783	15329788	15329794
15329798	15329803	15329809	15329813	15329818	15329824	15329828	15329833	15329839	15329843
Post: FWA
Roll Number :
15333082	15333085	15333089	15333094	15333097	15333101	15333106	15333109	15333113	15333118
15333121	15333125	15333130	15333133	15333137	15333142	15333145	15333149	15333154	15333157
15333161	15333166	15333169	15333173	15333178	15333181	15333185	15333190	15333193	15333197
15333202	15333205	15333209	15333214	15333217	15333221	15333226	15333229	15333233	15333238
15333241	15333245	15333250	15333253	15333257	15333262	15333265	15333269	15333274	15333277
15333281	15333286	15333289	15333293	15333298	15333301	15333305	15333310	15333313	15333317
15333322	15333325	15333329	15333334	15333337	15333341	15333346	15333349	15333353	15333358
15333361	15333365	15333370	15333373	15333377	15333382	15333385	15333389	15333394	15333397
15333401	15333406	15333409	15333413	15333418	15333421	15333425	15333430	15333433	15333437
15333442	15333445	15333449	15333454	15333457	15333461	15333466	15333469	15333473	15333478
15333481	15333485	15333490	15333493	15333497	15333502	15333505	15333509	15333514	15333517
15333521	15333526	15333529	15333533	15333538	15333541	15333545	15333550	15333553	15333557
15333562	15333565	15333569	15333574	15333577	15333581	15333586	15333589	15333593	15333598
15333601	15333605	15333610	15333613	15333617	15333622	15333625	15333629	15333634	15333637
15333641	15333646	15333649	15333653	15333658	15333661	15333665	15333670	15333673	15333677
15333682	15333685	15333689	15333694	15333697	15333701	15333706	15333709	15333713	15333718
15333721	15333725	15333730	15333733	15333737	15333742	15333745	15333749	15333754	15333757
15333761	15333766	15333769	15333773	15333778	15333781	15333785	15333790	15333793	15333797
15333802	15333805	15333809	15333814	15333817	15333821	15333826	15333829	15333833	15333838
15333841	15333845	15333850	15333853	15333857	15333862	15333865	15333869	15333874	15333877
15333881	15333886	15333889	15333893	15333898	15333901	15333905	15333910	15333913	15333917
15333922	15333925	15333929	15333934	15333937	15333941	15333946	15333949	15333953	15333958
15333961	15333965	15333970	15333973	15333977	15333982	15333985	15333989	15333994	15333997
15334001	15334006	15334009	15334013	15334018	15334021	15334025	15334030	15334033	15334037
15334042	15334045	15334049	15334054	15334057	15334061	15334066	15334069	15334073	15334078
15334081	15334085	15334090	15334093	15334097	15334102	15334105	15334109	15334114	15334117
15334121	15334126	15334129	15334133	15334138	15334141	15334145	15334150	15334153	15334157
15334162	15334165	15334169	15334174	15334177	15334181	15334186	15334189	15334193	15334198
15334201	15334205	15334210	15334213	15334217	15334222	15334225	15334229	15334234	15334237
15334241	15334246	15334249	15334253	15334258	15334261	15334265	15334270	15334273	15334277
15334282	15334285	15334289	15334294	15334297	15334301	15334306	15334309	15334313	15334318
15334321	15334325	15334330	15334333	15334337	15334342	15334345	15334349	15334354	15334357
15334361	15334366	15334369	15334373	15334378	15334381	15334385	15334390	15334393	15334397
15334402	15334405	15334409	15334414	15334417	15334421	15334426	15334429	15334433	15334438
15334441	15334445	15334450	15334453	15334457	15334462	15334465	15334469	15334474	15334477
15334481	15334486	15334489	15334493	15334498	15334501	15334505	15334510	15334513	15334517
15334522	15334525	15334529	15334534	15334537	15334541	15334546	15334549	15334553	15334558
15334561	15334565	15334570	15334573	15334577	15334582	15334585	15334589	15334594	15334597
15334601	15334606	15334609	15334613	15334618	15334621	15334625	15334630	15334633	15334637
15334642	15334645	15334649	15334654	15334657	15334661	15334666	15334669	15334673	15334678
15334681	15334685	15334690	15334693	15334697	15334702	15334705	15334709	15334714	15334717
15334721	15334726	15334729	15334733	15334738	15334741	15334745	15334750	15334753	15334757
15334762	15334765	15334769	15334774	15334777	15334781	15334786	15334789	15334793	15334798
15334801	15334805	15334810	15334813	15334817	15334822	15334825	15334829	15334834	15334837
15334841	15334846	15334849	15334853	15334858	15334861	15334865	15334870	15334873	15334877
15334882	15334885	15334889	15334894	15334897	15334901	15334906	15334909	15334913	15334918
15334921	15334925	15334930	15334933	15334937	15334942	15334945	15334949	15334954	15334957
15334961	15334966	15334969	15334973	15334978	15334981	15334985	15334990	15334993	15334997
15335002	15335005	15335009	15335014	15335017	15335021	15335026	15335029	15335033	15335038
15335041	15335045	15335050	15335053	15335057	15335062	15335065	15335069	15335074	15335077
15335081	15335086	15335089	15335093	15335098	15335101	15335105	15335110	15335113	15335117
15335122	15335125	15335129	15335134	15335137	15335141	15335146	15335149	15335153	15335158
15335161	15335165	15335170	15335173	15335177	15335182	15335185	15335189	15335194	15335197
15335201	15335206	15335209	15335213	15335218	15335221	15335225	15335230	15335233	15335237
15335242	15335245	15335249	15335254	15335257	15335261	15335266	15335269	15335273	15335278
15335281	15335285	15335290	15335293	15335297	15335302	15335305	15335309	15335314	15335317
15335321	15335326	15335329	15335333	15335338	15335341	15335345	15335350	15335353	15335357
15335362	15335365	15335369	15335374	15335377	15335381	15335386	15335389	15335393	15335398
15335401	15335405	15335410	15335413	15335417	15335422	15335425	15335429	15335434	15335437
15335441	15335446	15335449	15335453	15335458	15335461	15335465	15335470	15335473	15335477
৭ পৃষ্ঠায় দেখুন
